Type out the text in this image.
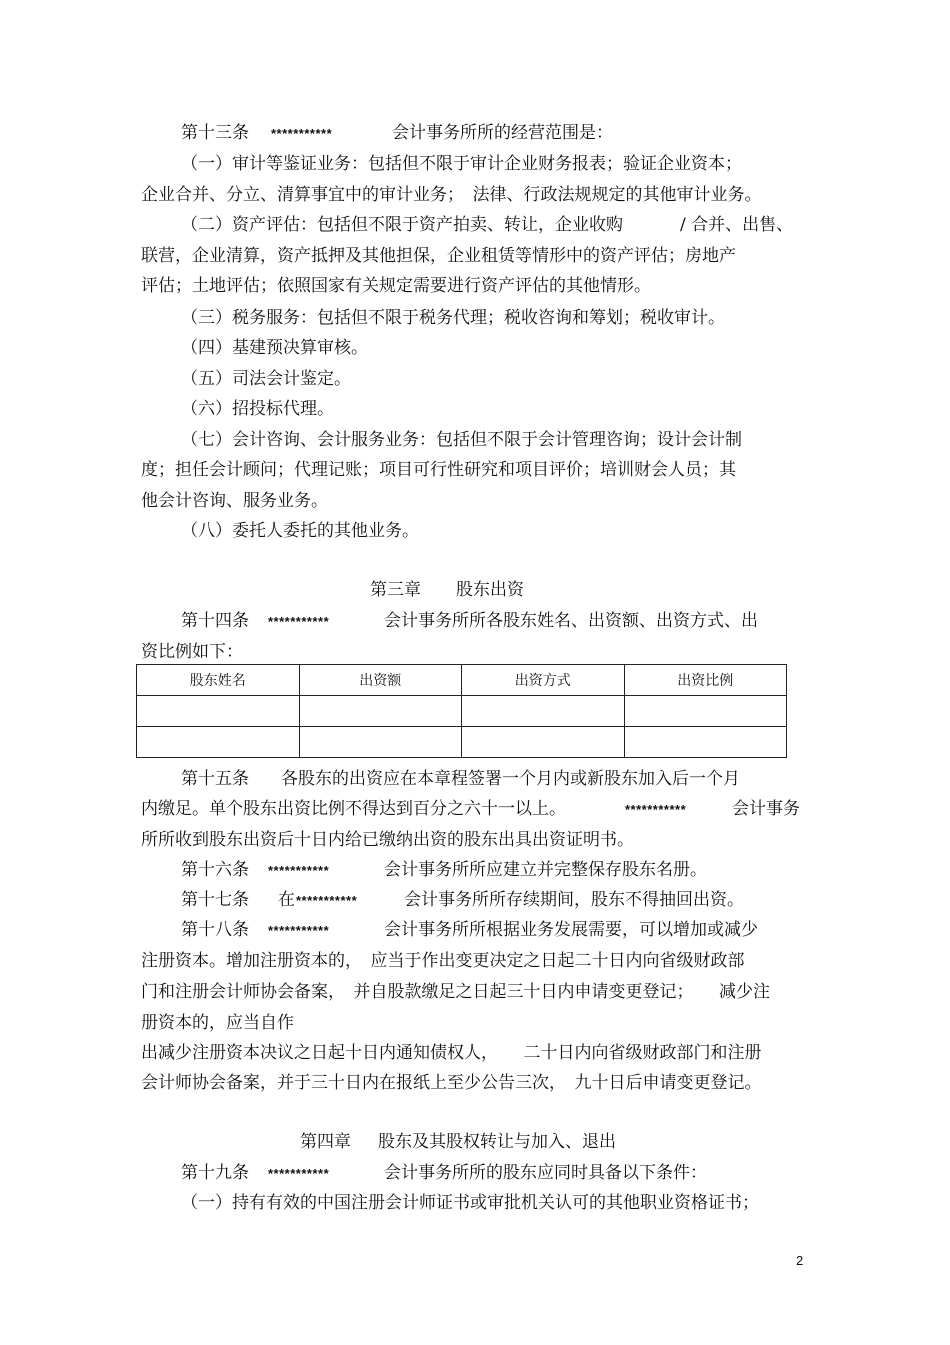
第十三条 ***********	会计事务所所的经营范围是：
（一）审计等鉴证业务：包括但不限于审计企业财务报表；验证企业资本；
企业合并、分立、清算事宜中的审计业务；　法律、行政法规规定的其他审计业务。
（二）资产评估：包括但不限于资产拍卖、转让，企业收购	/ 合并、出售、
联营，企业清算，资产抵押及其他担保，企业租赁等情形中的资产评估；房地产
评估；土地评估；依照国家有关规定需要进行资产评估的其他情形。
（三）税务服务：包括但不限于税务代理；税收咨询和筹划；税收审计。
（四）基建预决算审核。
（五）司法会计鉴定。
（六）招投标代理。
（七）会计咨询、会计服务业务：包括但不限于会计管理咨询；设计会计制
度；担任会计顾问；代理记账；项目可行性研究和项目评价；培训财会人员；其
他会计咨询、服务业务。
（八）委托人委托的其他业务。
第三章 股东出资
第十四条 ***********	会计事务所所各股东姓名、出资额、出资方式、出
资比例如下：
股东姓名	出资额	出资方式	出资比例

第十五条 各股东的出资应在本章程签署一个月内或新股东加入后一个月
内缴足。单个股东出资比例不得达到百分之六十一以上。	***********	会计事务
所所收到股东出资后十日内给已缴纳出资的股东出具出资证明书。
第十六条 ***********	会计事务所所应建立并完整保存股东名册。
第十七条 在 ***********	会计事务所所存续期间，股东不得抽回出资。
第十八条 ***********	会计事务所所根据业务发展需要，可以增加或减少
注册资本。增加注册资本的，　应当于作出变更决定之日起二十日内向省级财政部
门和注册会计师协会备案，　并自股款缴足之日起三十日内申请变更登记；　　减少注
册资本的，应当自作
出减少注册资本决议之日起十日内通知债权人，　　二十日内向省级财政部门和注册
会计师协会备案，并于三十日内在报纸上至少公告三次，　九十日后申请变更登记。
第四章 股东及其股权转让与加入、退出
第十九条 ***********	会计事务所所的股东应同时具备以下条件：
（一）持有有效的中国注册会计师证书或审批机关认可的其他职业资格证书；
2
